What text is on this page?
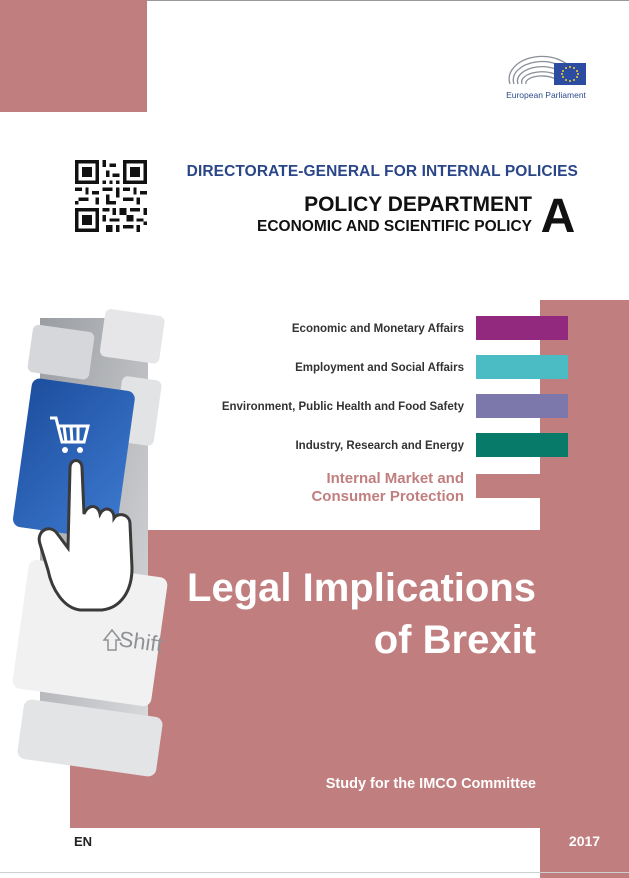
European Parliament
DIRECTORATE-GENERAL FOR INTERNAL POLICIES
POLICY DEPARTMENT
ECONOMIC AND SCIENTIFIC POLICY A
Shift
Economic and Monetary Affairs
Employment and Social Affairs
Environment, Public Health and Food Safety
Industry, Research and Energy
Internal Market and
Consumer Protection
Legal Implications
of Brexit
Study for the IMCO Committee
EN	2017
